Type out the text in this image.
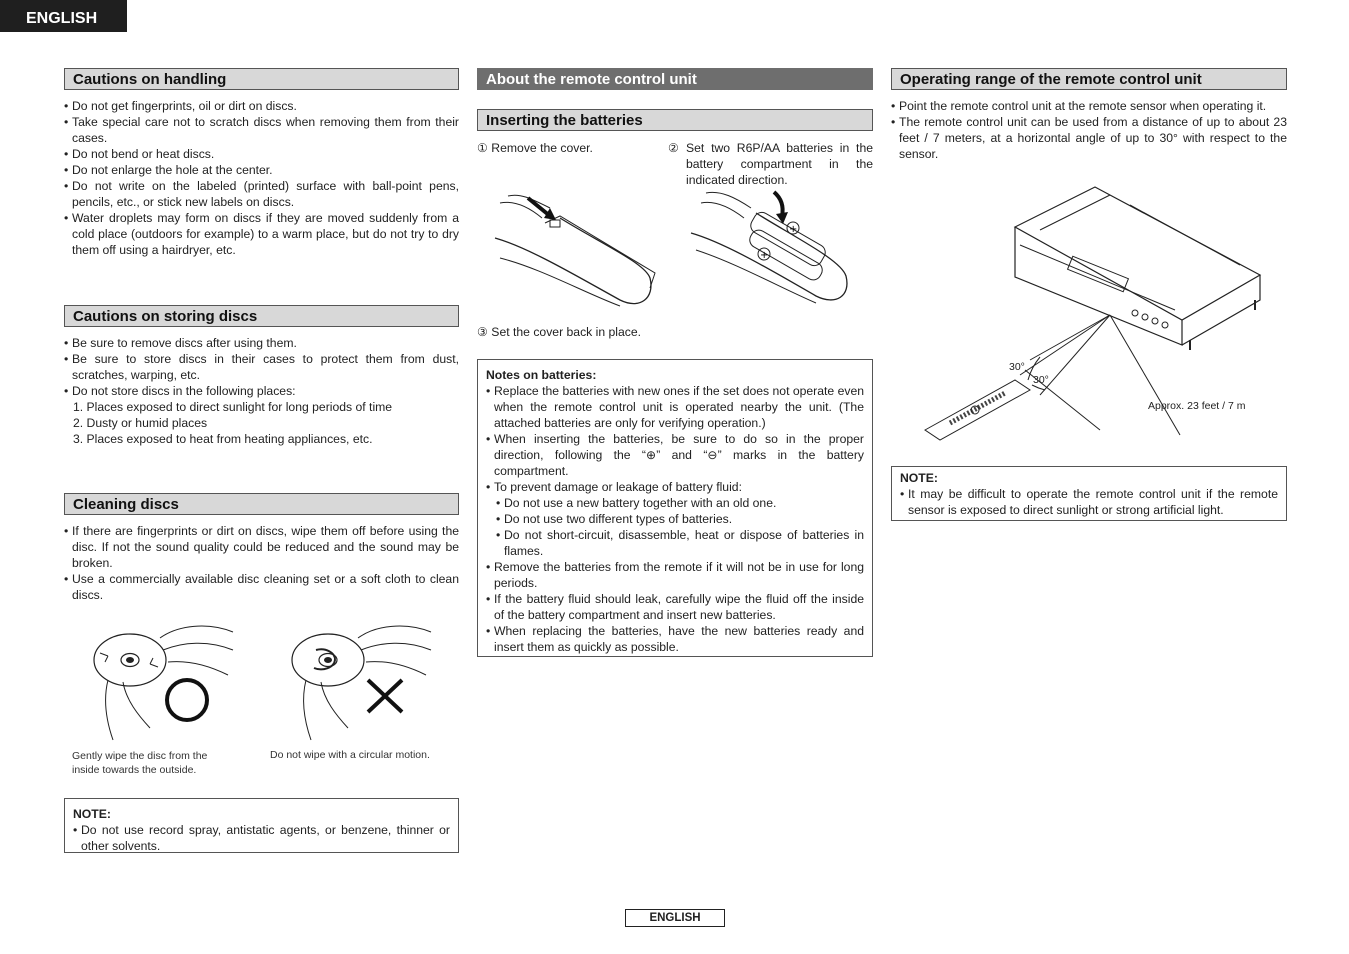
ENGLISH
Cautions on handling
• Do not get fingerprints, oil or dirt on discs.
• Take special care not to scratch discs when removing them from their cases.
• Do not bend or heat discs.
• Do not enlarge the hole at the center.
• Do not write on the labeled (printed) surface with ball-point pens, pencils, etc., or stick new labels on discs.
• Water droplets may form on discs if they are moved suddenly from a cold place (outdoors for example) to a warm place, but do not try to dry them off using a hairdryer, etc.
Cautions on storing discs
• Be sure to remove discs after using them.
• Be sure to store discs in their cases to protect them from dust, scratches, warping, etc.
• Do not store discs in the following places:
1. Places exposed to direct sunlight for long periods of time
2. Dusty or humid places
3. Places exposed to heat from heating appliances, etc.
Cleaning discs
• If there are fingerprints or dirt on discs, wipe them off before using the disc. If not the sound quality could be reduced and the sound may be broken.
• Use a commercially available disc cleaning set or a soft cloth to clean discs.
Gently wipe the disc from the inside towards the outside.
Do not wipe with a circular motion.
NOTE:
• Do not use record spray, antistatic agents, or benzene, thinner or other solvents.
About the remote control unit
Inserting the batteries
① Remove the cover.	② Set two R6P/AA batteries in the battery compartment in the indicated direction.
+
+
③ Set the cover back in place.
Notes on batteries:
• Replace the batteries with new ones if the set does not operate even when the remote control unit is operated nearby the unit. (The attached batteries are only for verifying operation.)
• When inserting the batteries, be sure to do so in the proper direction, following the “⊕” and “⊖” marks in the battery compartment.
• To prevent damage or leakage of battery fluid:
• Do not use a new battery together with an old one.
• Do not use two different types of batteries.
• Do not short-circuit, disassemble, heat or dispose of batteries in flames.
• Remove the batteries from the remote if it will not be in use for long periods.
• If the battery fluid should leak, carefully wipe the fluid off the inside of the battery compartment and insert new batteries.
• When replacing the batteries, have the new batteries ready and insert them as quickly as possible.
Operating range of the remote control unit
• Point the remote control unit at the remote sensor when operating it.
• The remote control unit can be used from a distance of up to about 23 feet / 7 meters, at a horizontal angle of up to 30° with respect to the sensor.
30°
30°
Approx. 23 feet / 7 m
NOTE:
• It may be difficult to operate the remote control unit if the remote sensor is exposed to direct sunlight or strong artificial light.
ENGLISH
